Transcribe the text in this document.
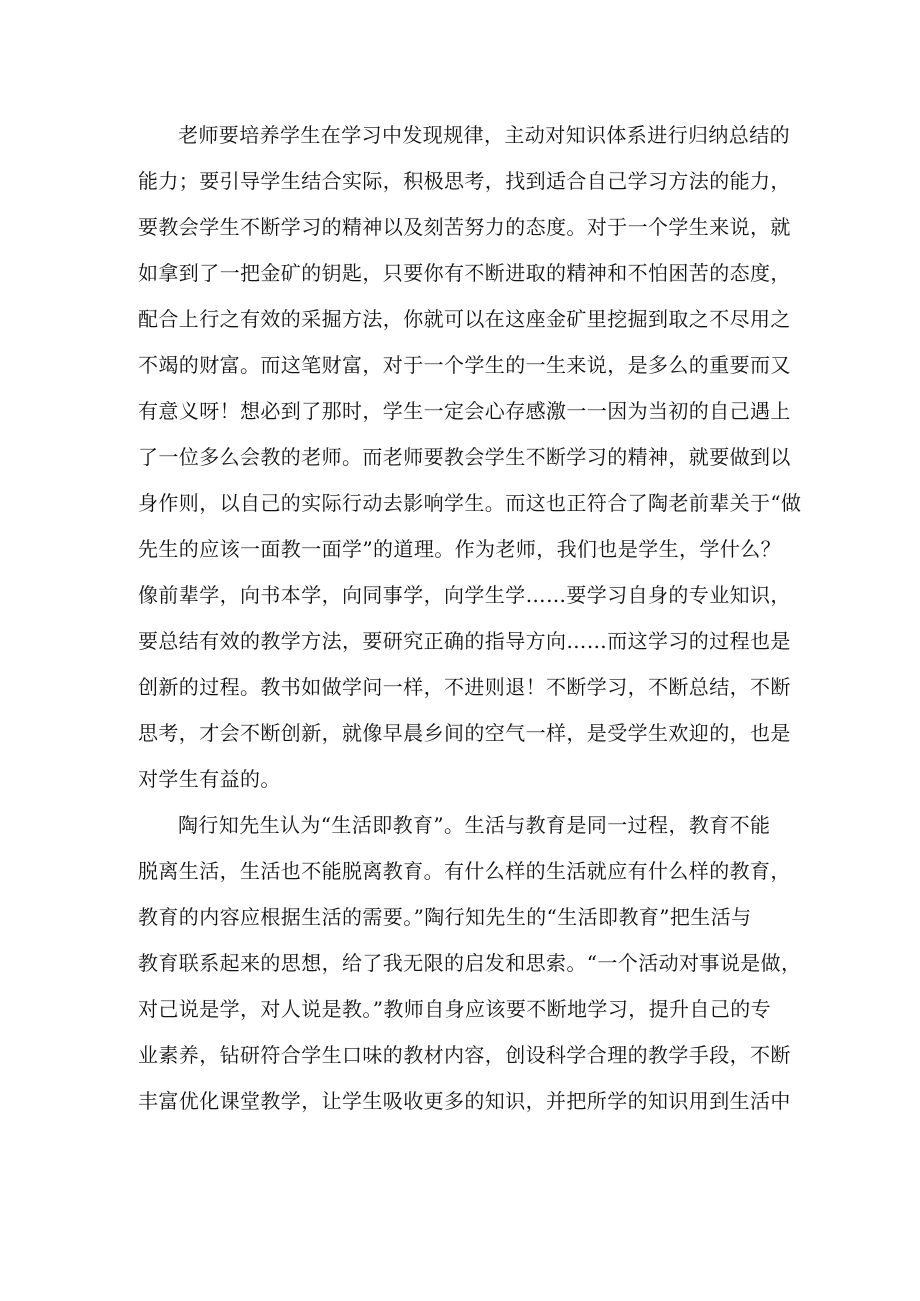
老师要培养学生在学习中发现规律，主动对知识体系进行归纳总结的
能力；要引导学生结合实际，积极思考，找到适合自己学习方法的能力，
要教会学生不断学习的精神以及刻苦努力的态度。对于一个学生来说，就
如拿到了一把金矿的钥匙，只要你有不断进取的精神和不怕困苦的态度，
配合上行之有效的采掘方法，你就可以在这座金矿里挖掘到取之不尽用之
不竭的财富。而这笔财富，对于一个学生的一生来说，是多么的重要而又
有意义呀！想必到了那时，学生一定会心存感激一一因为当初的自己遇上
了一位多么会教的老师。而老师要教会学生不断学习的精神，就要做到以
身作则，以自己的实际行动去影响学生。而这也正符合了陶老前辈关于“做
先生的应该一面教一面学”的道理。作为老师，我们也是学生，学什么？
像前辈学，向书本学，向同事学，向学生学……要学习自身的专业知识，
要总结有效的教学方法，要研究正确的指导方向……而这学习的过程也是
创新的过程。教书如做学问一样，不进则退！不断学习，不断总结，不断
思考，才会不断创新，就像早晨乡间的空气一样，是受学生欢迎的，也是
对学生有益的。
陶行知先生认为“生活即教育”。生活与教育是同一过程，教育不能
脱离生活，生活也不能脱离教育。有什么样的生活就应有什么样的教育，
教育的内容应根据生活的需要。”陶行知先生的“生活即教育”把生活与
教育联系起来的思想，给了我无限的启发和思索。“一个活动对事说是做，
对己说是学，对人说是教。”教师自身应该要不断地学习，提升自己的专
业素养，钻研符合学生口味的教材内容，创设科学合理的教学手段，不断
丰富优化课堂教学，让学生吸收更多的知识，并把所学的知识用到生活中
